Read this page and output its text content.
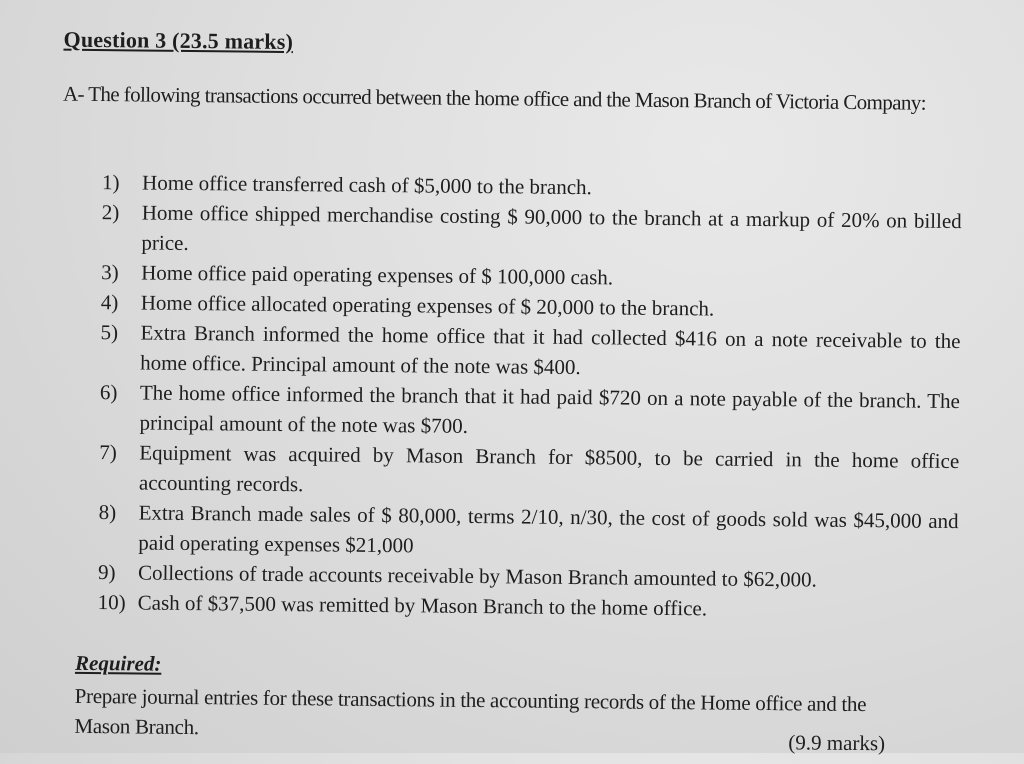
Question 3 (23.5 marks)
A- The following transactions occurred between the home office and the Mason Branch of Victoria Company:
1)	Home office transferred cash of $5,000 to the branch.
2)	Home office shipped merchandise costing $ 90,000 to the branch at a markup of 20% on billed price.
3)	Home office paid operating expenses of $ 100,000 cash.
4)	Home office allocated operating expenses of $ 20,000 to the branch.
5)	Extra Branch informed the home office that it had collected $416 on a note receivable to the home office. Principal amount of the note was $400.
6)	The home office informed the branch that it had paid $720 on a note payable of the branch. The principal amount of the note was $700.
7)	Equipment was acquired by Mason Branch for $8500, to be carried in the home office accounting records.
8)	Extra Branch made sales of $ 80,000, terms 2/10, n/30, the cost of goods sold was $45,000 and paid operating expenses $21,000
9)	Collections of trade accounts receivable by Mason Branch amounted to $62,000.
10) Cash of $37,500 was remitted by Mason Branch to the home office.
Required:
Prepare journal entries for these transactions in the accounting records of the Home office and the Mason Branch.
(9.9 marks)
